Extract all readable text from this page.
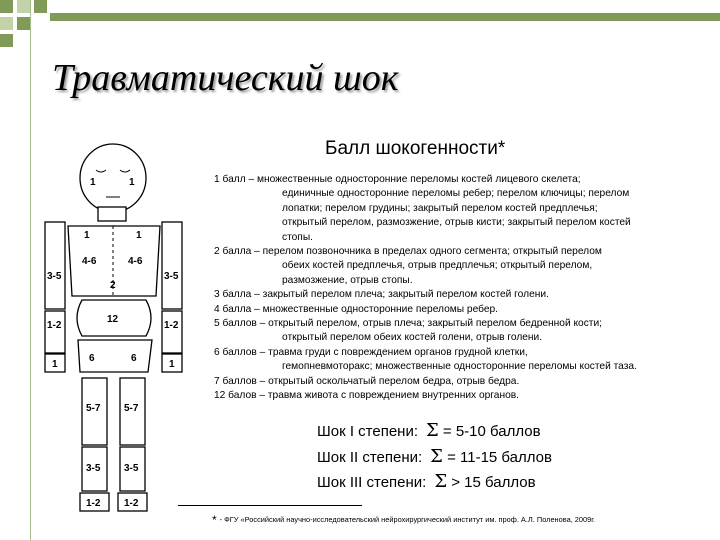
Травматический шок
Балл шокогенности*
1 балл – множественные односторонние переломы костей лицевого скелета;
единичные односторонние переломы ребер; перелом ключицы; перелом
лопатки; перелом грудины; закрытый перелом костей предплечья;
открытый перелом, размозжение, отрыв кисти; закрытый перелом костей
стопы.
2 балла – перелом позвоночника в пределах одного сегмента; открытый перелом
обеих костей предплечья, отрыв предплечья; открытый перелом,
размозжение, отрыв стопы.
3 балла – закрытый перелом плеча; закрытый перелом костей голени.
4 балла – множественные односторонние переломы ребер.
5 баллов – открытый перелом, отрыв плеча; закрытый перелом бедренной кости;
открытый перелом обеих костей голени, отрыв голени.
6 баллов – травма груди с повреждением органов грудной клетки,
гемопневмоторакс; множественные односторонние переломы костей таза.
7 баллов – открытый оскольчатый перелом бедра, отрыв бедра.
12 балов – травма живота с повреждением внутренних органов.
Шок I степени: Σ = 5-10 баллов
Шок II степени: Σ = 11-15 баллов
Шок III степени: Σ > 15 баллов
* - ФГУ «Российский научно-исследовательский нейрохирургический институт им. проф. А.Л. Поленова, 2009г.
1	1
1	1
4-6	4-6
2
3-5	3-5
1-2	1-2
12
1	1
6	6
5-7 5-7
3-5 3-5
1-2 1-2
